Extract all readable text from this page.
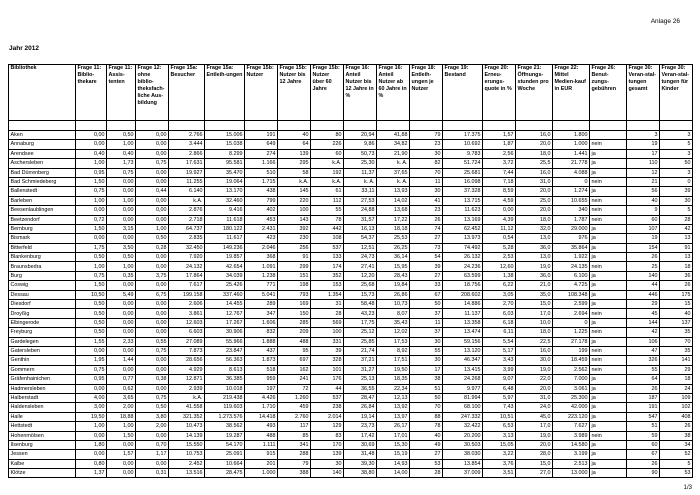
Anlage 26
Jahr 2012
Bibliothek	Frage 11: Biblio-thekare	Frage 11: Assis-tenten	Frage 12: ohne biblio-theksfach-liche Aus-bildung	Frage 15a: Besucher	Frage 15a: Entleih-ungen	Frage 15b: Nutzer	Frage 15b: Nutzer bis 12 Jahre	Frage 15b: Nutzer über 60 Jahre	Frage 16: Anteil Nutzer bis 12 Jahre in %	Frage 16: Anteil Nutzer ab 60 Jahre in %	Frage 18: Entleih-ungen je Nutzer	Frage 19: Bestand	Frage 20: Erneu-erungs-quote in %	Frage 21: Öffnungs-stunden pro Woche	Frage 22: Mittel Medien-kauf in EUR	Frage 26: Benut-zungs-gebühren	Frage 30: Veran-stal-tungen gesamt	Frage 30: Veran-stal-tungen für Kinder

Aken	0,00	0,50	0,00	2.766	15.006	191	40	80	20,94	41,88	79	17.375	1,57	16,0	1.800		3	3
Annaburg	0,00	1,00	0,00	3.444	15.038	649	64	226	9,86	34,82	23	10.692	1,87	20,0	1.000	nein	19	5
Arendsee	0,40	0,40	0,00	2.866	8.299	274	139	60	50,73	21,90	30	9.783	2,56	18,0	1.441	ja	17	3
Aschersleben	1,00	1,73	0,75	17.631	95.581	1.166	295	k.A.	25,30	k. A.	82	51.724	3,72	25,5	21.778	ja	110	50
Bad Dürrenberg	0,95	0,75	0,00	19.927	35.470	510	58	192	11,37	37,65	70	25.681	7,44	16,0	4.088	ja	12	3
Bad Schmiedeberg	1,50	0,00	0,00	11.255	19.064	1.715	k.A.	k.A.	k. A.	k. A.	11	16.098	7,18	31,0	0	nein	21	0
Ballenstedt	0,75	0,00	0,44	6.140	13.170	438	145	61	33,11	13,93	30	37.328	8,59	20,0	1.274	ja	56	39
Barleben	1,00	1,00	0,00	k.A.	32.460	799	220	112	27,53	14,02	41	13.715	4,59	25,0	10.655	nein	40	30
Beesenlaublingen	0,00	0,00	0,00	2.876	9.416	402	100	55	24,88	13,68	23	11.623	0,00	20,0	340	nein	9	5
Beetzendorf	0,72	0,00	0,00	2.718	11.618	453	143	78	31,57	17,22	26	13.169	4,39	18,0	1.787	nein	60	28
Bernburg	1,50	3,15	1,00	64.737	180.122	2.431	392	442	16,13	18,18	74	62.452	11,12	32,0	29.000	ja	107	42
Bismark	0,00	0,00	0,50	2.835	11.617	423	230	108	54,37	25,53	27	13.973	0,54	13,0	976	ja	19	13
Bitterfeld	1,75	3,50	0,28	32.450	149.236	2.046	256	537	12,51	26,25	73	74.492	5,28	36,0	35.864	ja	154	91
Blankenburg	0,50	0,50	0,00	7.920	19.857	368	91	133	24,73	36,14	54	26.132	2,53	13,0	1.922	ja	26	13
Braunsbedra	1,00	1,00	0,00	24.132	42.654	1.091	299	174	27,41	15,95	39	24.236	12,60	19,0	24.135	nein	25	18
Burg	0,75	0,35	3,75	17.864	34.039	1.238	151	352	12,20	28,43	27	63.599	1,38	36,0	6.100	ja	140	36
Coswig	1,50	0,00	0,00	7.617	25.426	771	198	153	25,68	19,84	33	18.756	6,22	21,0	4.725	ja	44	26
Dessau	10,50	5,49	6,75	199.158	337.460	5.041	793	1.354	15,73	26,86	67	208.602	3,05	35,0	108.348	ja	446	175
Diesdorf	0,50	0,00	0,00	2.606	14.455	289	169	31	58,48	10,73	50	14.886	2,70	15,0	2.599	ja	29	15
Droyßig	0,50	0,00	0,00	3.861	12.767	347	150	28	43,23	8,07	37	11.137	6,03	17,0	2.694	nein	45	40
Elbingerode	0,50	0,00	0,00	12.603	17.267	1.606	285	569	17,75	35,43	11	13.358	6,18	10,0	0	ja	144	137
Freyburg	0,50	0,00	0,00	6.603	30.906	832	209	100	25,12	12,02	37	13.474	6,11	18,0	1.225	nein	42	35
Gardelegen	1,55	2,33	0,55	27.089	55.966	1.888	488	331	25,85	17,53	30	59.156	5,54	22,5	27.178	ja	106	70
Gatersleben	0,00	0,00	0,75	7.873	23.847	437	95	39	21,74	8,92	55	13.120	5,17	16,0	199	nein	47	35
Genthin	1,95	1,44	0,00	28.656	56.363	1.873	697	328	37,21	17,51	30	46.347	3,43	30,0	18.459	nein	326	141
Gommern	0,75	0,00	0,00	4.929	8.613	518	162	101	31,27	19,50	17	13.415	3,99	19,0	2.562	nein	55	29
Gräfenhainichen	0,95	0,77	0,38	12.871	36.385	959	241	176	25,13	18,35	38	24.268	9,07	22,0	7.000	ja	64	18
Hadmersleben	0,00	0,62	0,00	2.939	10.018	197	72	44	36,55	22,34	51	9.977	6,48	20,0	3.061	ja	26	24
Halberstadt	4,00	3,65	0,75	k.A.	219.438	4.426	1.260	537	28,47	12,13	50	81.994	5,97	31,0	25.300	ja	187	109
Haldensleben	3,00	2,00	0,50	41.558	119.603	1.710	459	238	26,84	13,92	70	68.100	7,43	24,0	42.000	ja	191	102
Halle	19,50	18,88	3,80	321.352	1.273.576	14.418	2.760	2.014	19,14	13,97	88	247.332	10,51	45,0	223.120	ja	547	408
Hettstedt	1,00	1,00	2,00	10.473	38.562	493	117	129	23,73	26,17	78	32.422	6,53	17,0	7.627	ja	51	26
Hohenmölsen	0,00	1,50	0,00	14.139	19.287	488	85	83	17,42	17,01	40	20.200	3,13	19,0	3.989	nein	59	38
Ilsenburg	1,80	0,00	0,70	15.550	54.170	1.111	341	170	30,69	15,30	49	30.503	15,05	20,0	14.580	ja	60	34
Jessen	0,00	1,57	1,17	10.753	25.091	915	288	139	31,48	15,19	27	38.030	3,22	28,0	3.199	ja	67	52
Kalbe	0,80	0,00	0,00	2.452	10.664	201	79	30	39,30	14,93	53	13.854	3,76	15,0	2.513	ja	26	5
Klötze	1,37	0,00	0,31	13.516	28.475	1.000	388	140	38,80	14,00	28	37.009	3,51	27,0	13.000	ja	90	53
1/3
